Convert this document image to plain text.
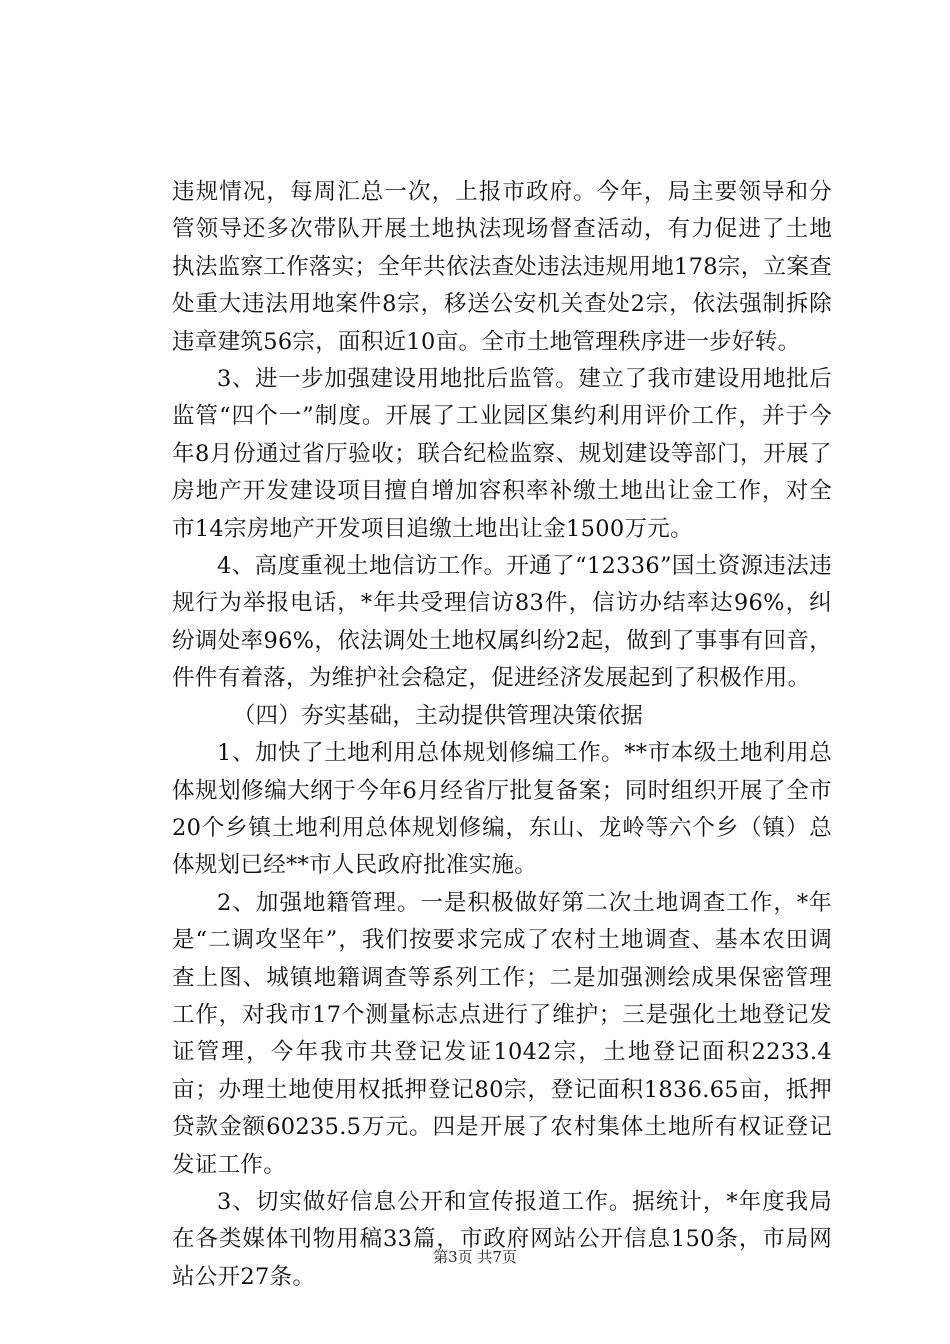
违规情况，每周汇总一次，上报市政府。今年，局主要领导和分管领导还多次带队开展土地执法现场督查活动，有力促进了土地执法监察工作落实；全年共依法查处违法违规用地178宗，立案查处重大违法用地案件8宗，移送公安机关查处2宗，依法强制拆除违章建筑56宗，面积近10亩。全市土地管理秩序进一步好转。

3、进一步加强建设用地批后监管。建立了我市建设用地批后监管“四个一”制度。开展了工业园区集约利用评价工作，并于今年8月份通过省厅验收；联合纪检监察、规划建设等部门，开展了房地产开发建设项目擅自增加容积率补缴土地出让金工作，对全市14宗房地产开发项目追缴土地出让金1500万元。

4、高度重视土地信访工作。开通了“12336”国土资源违法违规行为举报电话，*年共受理信访83件，信访办结率达96%，纠纷调处率96%，依法调处土地权属纠纷2起，做到了事事有回音，件件有着落，为维护社会稳定，促进经济发展起到了积极作用。

（四）夯实基础，主动提供管理决策依据

1、加快了土地利用总体规划修编工作。**市本级土地利用总体规划修编大纲于今年6月经省厅批复备案；同时组织开展了全市20个乡镇土地利用总体规划修编，东山、龙岭等六个乡（镇）总体规划已经**市人民政府批准实施。

2、加强地籍管理。一是积极做好第二次土地调查工作，*年是“二调攻坚年”，我们按要求完成了农村土地调查、基本农田调查上图、城镇地籍调查等系列工作；二是加强测绘成果保密管理工作，对我市17个测量标志点进行了维护；三是强化土地登记发证管理，今年我市共登记发证1042宗，土地登记面积2233.4亩；办理土地使用权抵押登记80宗，登记面积1836.65亩，抵押贷款金额60235.5万元。四是开展了农村集体土地所有权证登记发证工作。

3、切实做好信息公开和宣传报道工作。据统计，*年度我局在各类媒体刊物用稿33篇，市政府网站公开信息150条，市局网站公开27条。

第3页 共7页
